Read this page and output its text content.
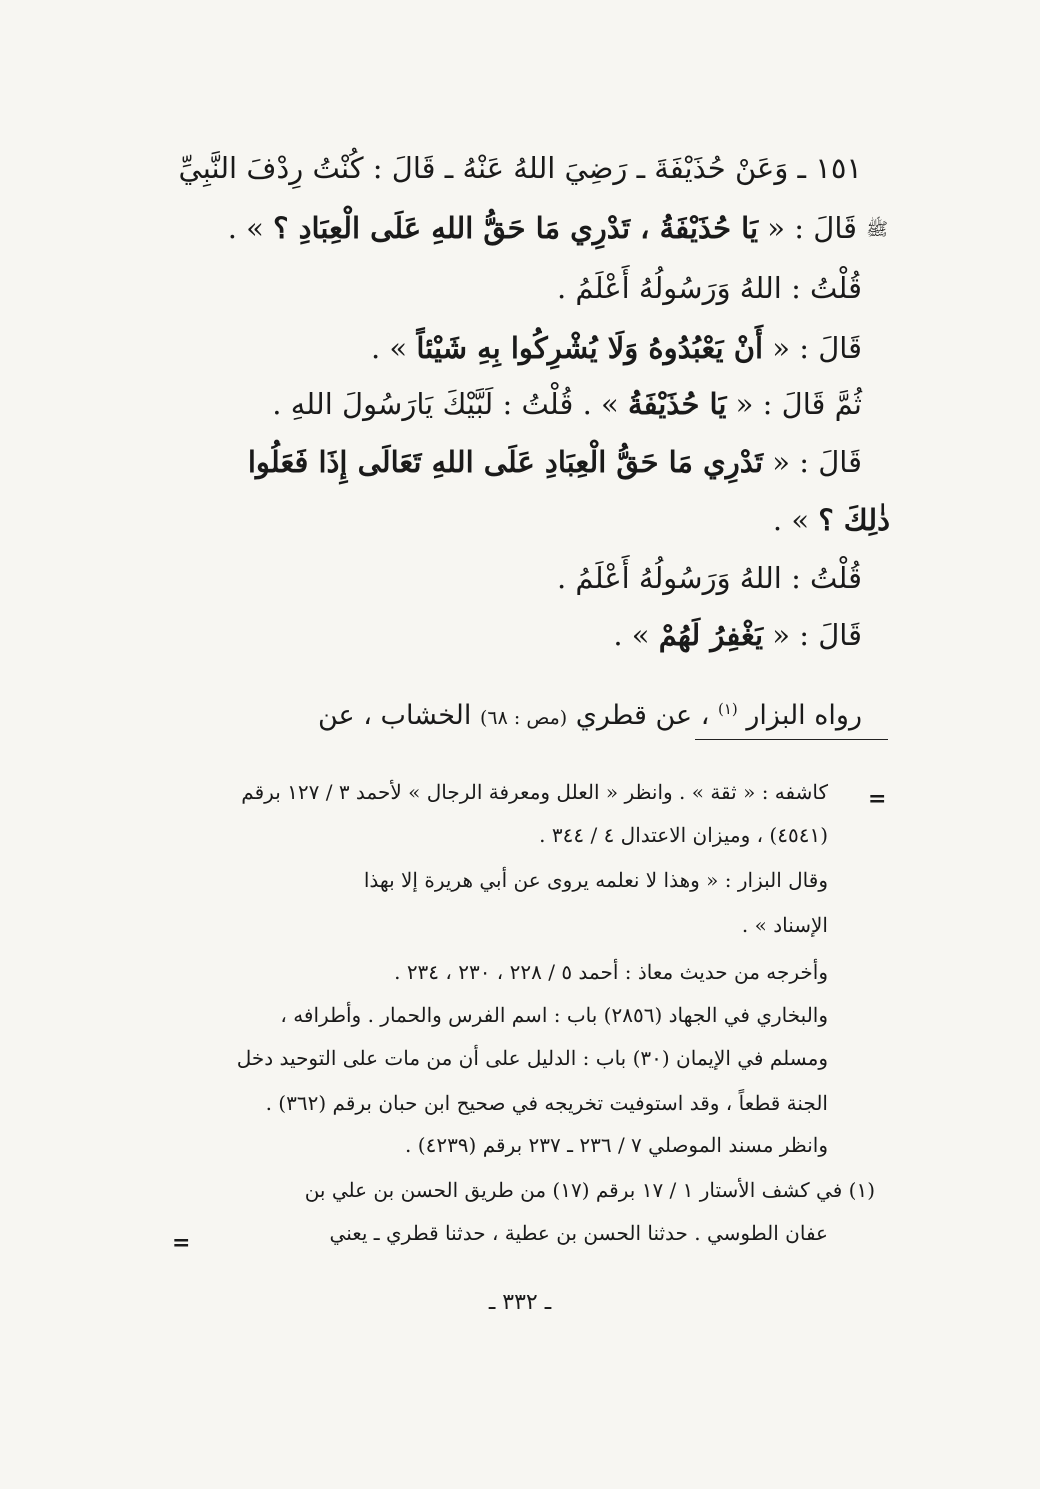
١٥١ ـ وَعَنْ حُذَيْفَةَ ـ رَضِيَ اللهُ عَنْهُ ـ قَالَ : كُنْتُ رِدْفَ النَّبِيِّ
ﷺ قَالَ : « يَا حُذَيْفَةُ ، تَدْرِي مَا حَقُّ اللهِ عَلَى الْعِبَادِ ؟ » .
قُلْتُ : اللهُ وَرَسُولُهُ أَعْلَمُ .
قَالَ : « أَنْ يَعْبُدُوهُ وَلَا يُشْرِكُوا بِهِ شَيْئاً » .
ثُمَّ قَالَ : « يَا حُذَيْفَةُ » . قُلْتُ : لَبَّيْكَ يَارَسُولَ اللهِ .
قَالَ : « تَدْرِي مَا حَقُّ الْعِبَادِ عَلَى اللهِ تَعَالَى إِذَا فَعَلُوا
ذٰلِكَ ؟ » .
قُلْتُ : اللهُ وَرَسُولُهُ أَعْلَمُ .
قَالَ : « يَغْفِرُ لَهُمْ » .
رواه البزار $^{(١)}$ ، عن قطري (مص : ٦٨) الخشاب ، عن
=
كاشفه : « ثقة » . وانظر « العلل ومعرفة الرجال » لأحمد ٣ / ١٢٧ برقم
(٤٥٤١) ، وميزان الاعتدال ٤ / ٣٤٤ .
وقال البزار : « وهذا لا نعلمه يروى عن أبي هريرة إلا بهذا
الإسناد » .
وأخرجه من حديث معاذ : أحمد ٥ / ٢٢٨ ، ٢٣٠ ، ٢٣٤ .
والبخاري في الجهاد (٢٨٥٦) باب : اسم الفرس والحمار . وأطرافه ،
ومسلم في الإيمان (٣٠) باب : الدليل على أن من مات على التوحيد دخل
الجنة قطعاً ، وقد استوفيت تخريجه في صحيح ابن حبان برقم (٣٦٢) .
وانظر مسند الموصلي ٧ / ٢٣٦ ـ ٢٣٧ برقم (٤٢٣٩) .
(١) في كشف الأستار ١ / ١٧ برقم (١٧) من طريق الحسن بن علي بن
عفان الطوسي . حدثنا الحسن بن عطية ، حدثنا قطري ـ يعني
=
ـ ٣٣٢ ـ
